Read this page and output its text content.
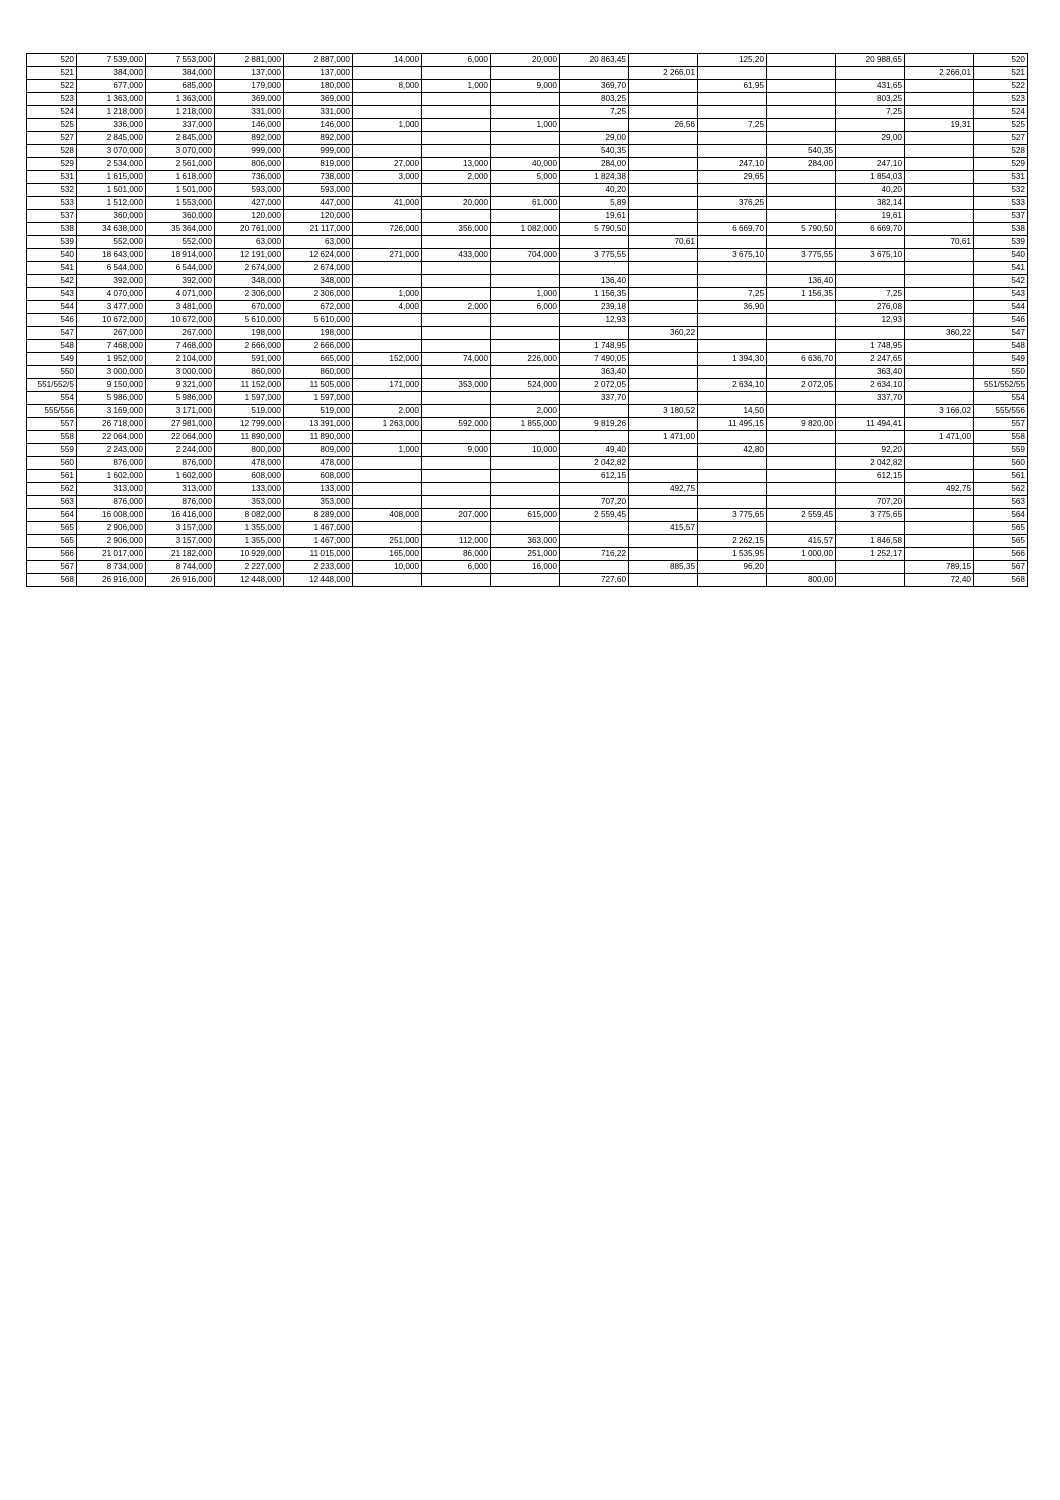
520	7 539,000	7 553,000	2 881,000	2 887,000	14,000	6,000	20,000	20 863,45		125,20		20 988,65		520
521	384,000	384,000	137,000	137,000					2 266,01				2 266,01	521
522	677,000	685,000	179,000	180,000	8,000	1,000	9,000	369,70		61,95		431,65		522
523	1 363,000	1 363,000	369,000	369,000				803,25				803,25		523
524	1 218,000	1 218,000	331,000	331,000				7,25				7,25		524
525	336,000	337,000	146,000	146,000	1,000		1,000		26,56	7,25			19,31	525
527	2 845,000	2 845,000	892,000	892,000				29,00				29,00		527
528	3 070,000	3 070,000	999,000	999,000				540,35			540,35			528
529	2 534,000	2 561,000	806,000	819,000	27,000	13,000	40,000	284,00		247,10	284,00	247,10		529
531	1 615,000	1 618,000	736,000	738,000	3,000	2,000	5,000	1 824,38		29,65		1 854,03		531
532	1 501,000	1 501,000	593,000	593,000				40,20				40,20		532
533	1 512,000	1 553,000	427,000	447,000	41,000	20,000	61,000	5,89		376,25		382,14		533
537	360,000	360,000	120,000	120,000				19,61				19,61		537
538	34 638,000	35 364,000	20 761,000	21 117,000	726,000	356,000	1 082,000	5 790,50		6 669,70	5 790,50	6 669,70		538
539	552,000	552,000	63,000	63,000					70,61				70,61	539
540	18 643,000	18 914,000	12 191,000	12 624,000	271,000	433,000	704,000	3 775,55		3 675,10	3 775,55	3 675,10		540
541	6 544,000	6 544,000	2 674,000	2 674,000										541
542	392,000	392,000	348,000	348,000				136,40			136,40			542
543	4 070,000	4 071,000	2 306,000	2 306,000	1,000		1,000	1 156,35		7,25	1 156,35	7,25		543
544	3 477,000	3 481,000	670,000	672,000	4,000	2,000	6,000	239,18		36,90		276,08		544
546	10 672,000	10 672,000	5 610,000	5 610,000				12,93				12,93		546
547	267,000	267,000	198,000	198,000					360,22				360,22	547
548	7 468,000	7 468,000	2 666,000	2 666,000				1 748,95				1 748,95		548
549	1 952,000	2 104,000	591,000	665,000	152,000	74,000	226,000	7 490,05		1 394,30	6 636,70	2 247,65		549
550	3 000,000	3 000,000	860,000	860,000				363,40				363,40		550
551/552/5	9 150,000	9 321,000	11 152,000	11 505,000	171,000	353,000	524,000	2 072,05		2 634,10	2 072,05	2 634,10		551/552/55
554	5 986,000	5 986,000	1 597,000	1 597,000				337,70				337,70		554
555/556	3 169,000	3 171,000	519,000	519,000	2,000		2,000		3 180,52	14,50			3 166,02	555/556
557	26 718,000	27 981,000	12 799,000	13 391,000	1 263,000	592,000	1 855,000	9 819,26		11 495,15	9 820,00	11 494,41		557
558	22 064,000	22 064,000	11 890,000	11 890,000					1 471,00				1 471,00	558
559	2 243,000	2 244,000	800,000	809,000	1,000	9,000	10,000	49,40		42,80		92,20		559
560	876,000	876,000	478,000	478,000				2 042,82				2 042,82		560
561	1 602,000	1 602,000	608,000	608,000				612,15				612,15		561
562	313,000	313,000	133,000	133,000					492,75				492,75	562
563	876,000	876,000	353,000	353,000				707,20				707,20		563
564	16 008,000	16 416,000	8 082,000	8 289,000	408,000	207,000	615,000	2 559,45		3 775,65	2 559,45	3 775,65		564
565	2 906,000	3 157,000	1 355,000	1 467,000					415,57					565
565	2 906,000	3 157,000	1 355,000	1 467,000	251,000	112,000	363,000			2 262,15	415,57	1 846,58		565
566	21 017,000	21 182,000	10 929,000	11 015,000	165,000	86,000	251,000	716,22		1 535,95	1 000,00	1 252,17		566
567	8 734,000	8 744,000	2 227,000	2 233,000	10,000	6,000	16,000		885,35	96,20			789,15	567
568	26 916,000	26 916,000	12 448,000	12 448,000				727,60			800,00		72,40	568
